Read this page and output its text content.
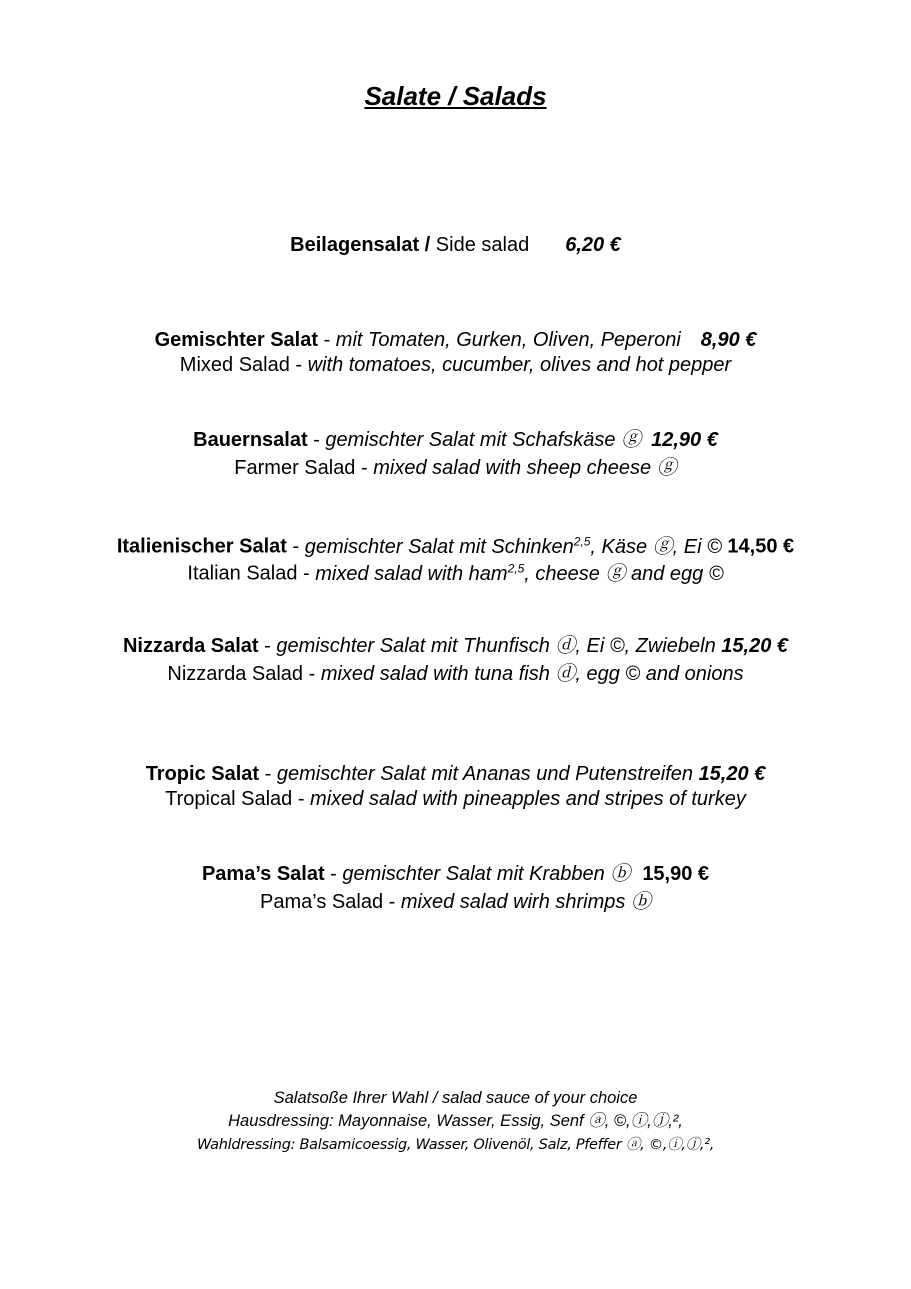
Salate / Salads
Beilagensalat / Side salad 6,20 €
Gemischter Salat - mit Tomaten, Gurken, Oliven, Peperoni 8,90 €
Mixed Salad - with tomatoes, cucumber, olives and hot pepper
Bauernsalat - gemischter Salat mit Schafskäse ⓖ 12,90 €
Farmer Salad - mixed salad with sheep cheese ⓖ
Italienischer Salat - gemischter Salat mit Schinken$^{2,5}$, Käse ⓖ, Ei © 14,50 €
Italian Salad - mixed salad with ham$^{2,5}$, cheese ⓖ and egg ©
Nizzarda Salat - gemischter Salat mit Thunfisch ⓓ, Ei ©, Zwiebeln 15,20 €
Nizzarda Salad - mixed salad with tuna fish ⓓ, egg © and onions
Tropic Salat - gemischter Salat mit Ananas und Putenstreifen 15,20 €
Tropical Salad - mixed salad with pineapples and stripes of turkey
Pama’s Salat - gemischter Salat mit Krabben ⓑ 15,90 €
Pama’s Salad - mixed salad wirh shrimps ⓑ
Salatsoße Ihrer Wahl / salad sauce of your choice
Hausdressing: Mayonnaise, Wasser, Essig, Senf ⓐ, ©,ⓘ,ⓙ,²,
Wahldressing: Balsamicoessig, Wasser, Olivenöl, Salz, Pfeffer ⓐ, ©,ⓘ,ⓙ,²,
